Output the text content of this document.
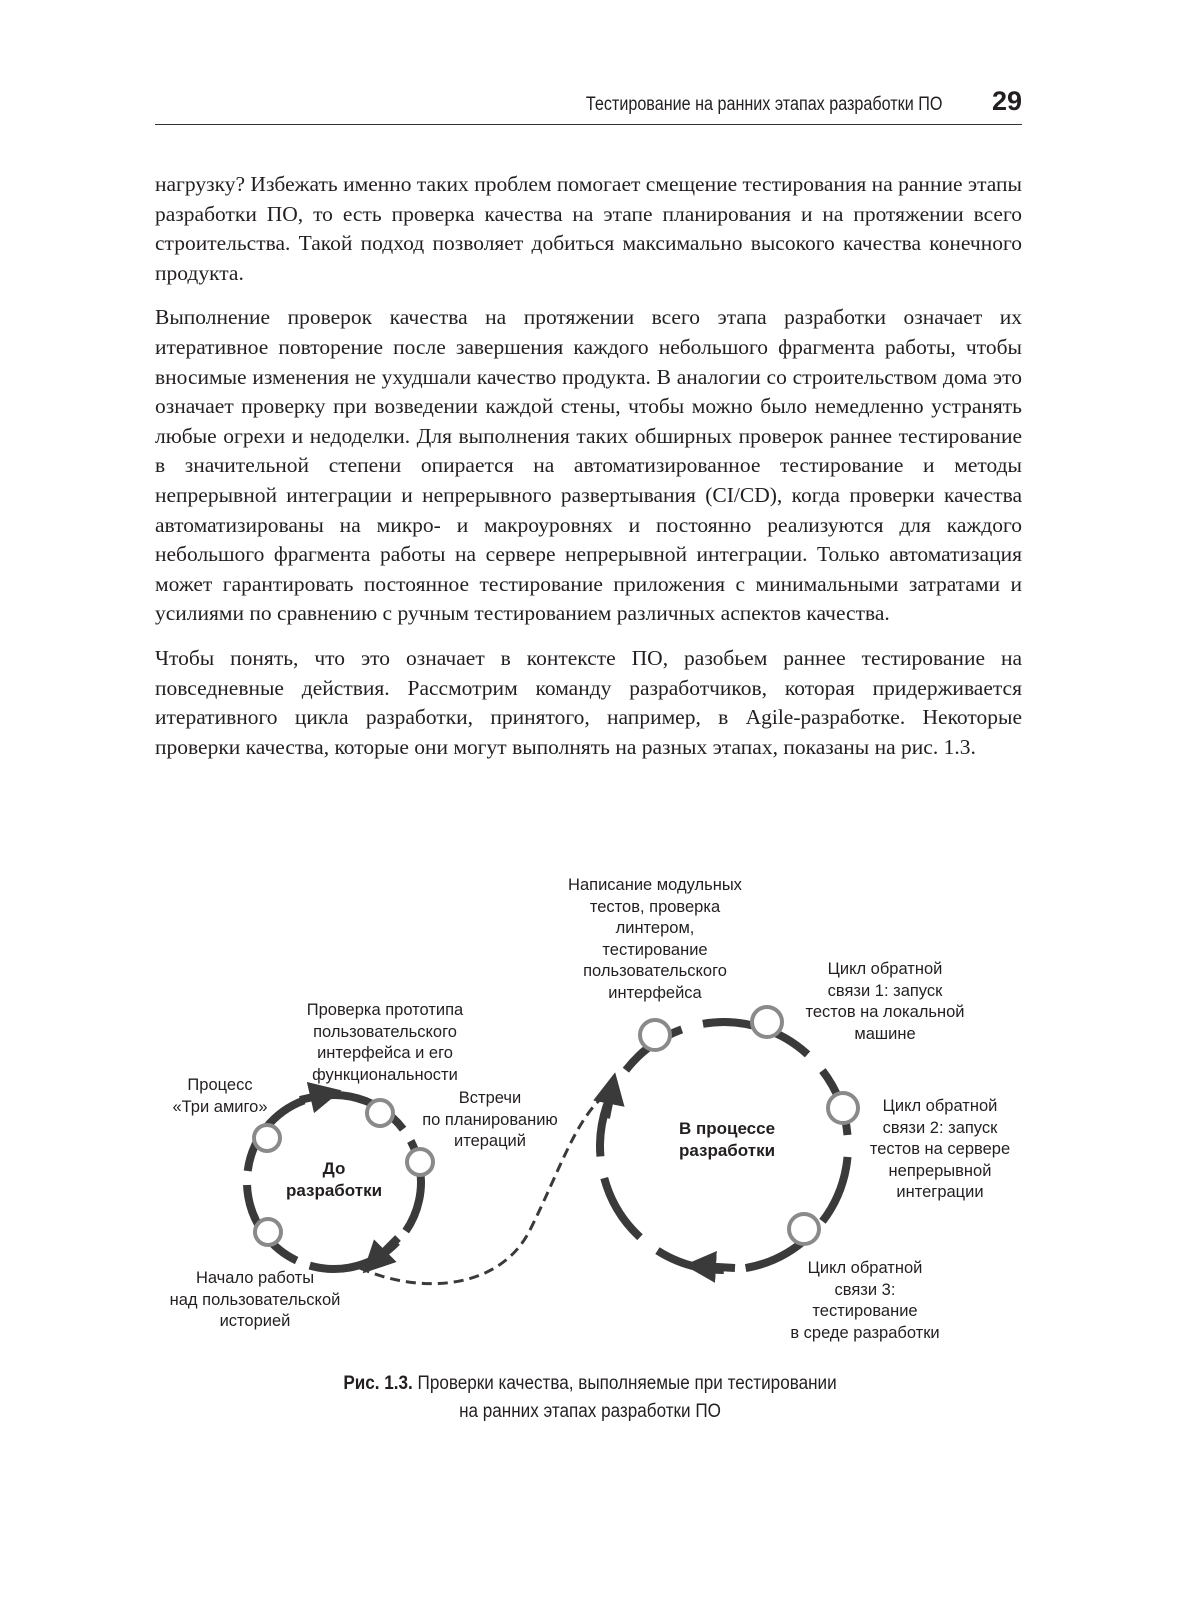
Тестирование на ранних этапах разработки ПО 29

нагрузку? Избежать именно таких проблем помогает смещение тестирования на ранние этапы разработки ПО, то есть проверка качества на этапе планирования и на протяжении всего строительства. Такой подход позволяет добиться максимально высокого качества конечного продукта.

Выполнение проверок качества на протяжении всего этапа разработки означает их итеративное повторение после завершения каждого небольшого фрагмента работы, чтобы вносимые изменения не ухудшали качество продукта. В аналогии со строительством дома это означает проверку при возведении каждой стены, чтобы можно было немедленно устранять любые огрехи и недоделки. Для выполнения таких обширных проверок раннее тестирование в значительной степени опирается на автоматизированное тестирование и методы непрерывной интеграции и непрерывного развертывания (CI/CD), когда проверки качества автоматизированы на микро- и макроуровнях и постоянно реализуются для каждого небольшого фрагмента работы на сервере непрерывной интеграции. Только автоматизация может гарантировать постоянное тестирование приложения с минимальными затратами и усилиями по сравнению с ручным тестированием различных аспектов качества.

Чтобы понять, что это означает в контексте ПО, разобьем раннее тестирование на повседневные действия. Рассмотрим команду разработчиков, которая придерживается итеративного цикла разработки, принятого, например, в Agile-разработке. Некоторые проверки качества, которые они могут выполнять на разных этапах, показаны на рис. 1.3.

До
разработки
В процессе
разработки
Процесс
«Три амиго»
Проверка прототипа
пользовательского
интерфейса и его
функциональности
Встречи
по планированию
итераций
Начало работы
над пользовательской
историей
Написание модульных
тестов, проверка
линтером,
тестирование
пользовательского
интерфейса
Цикл обратной
связи 1: запуск
тестов на локальной
машине
Цикл обратной
связи 2: запуск
тестов на сервере
непрерывной
интеграции
Цикл обратной
связи 3:
тестирование
в среде разработки
Рис. 1.3. Проверки качества, выполняемые при тестировании
на ранних этапах разработки ПО
